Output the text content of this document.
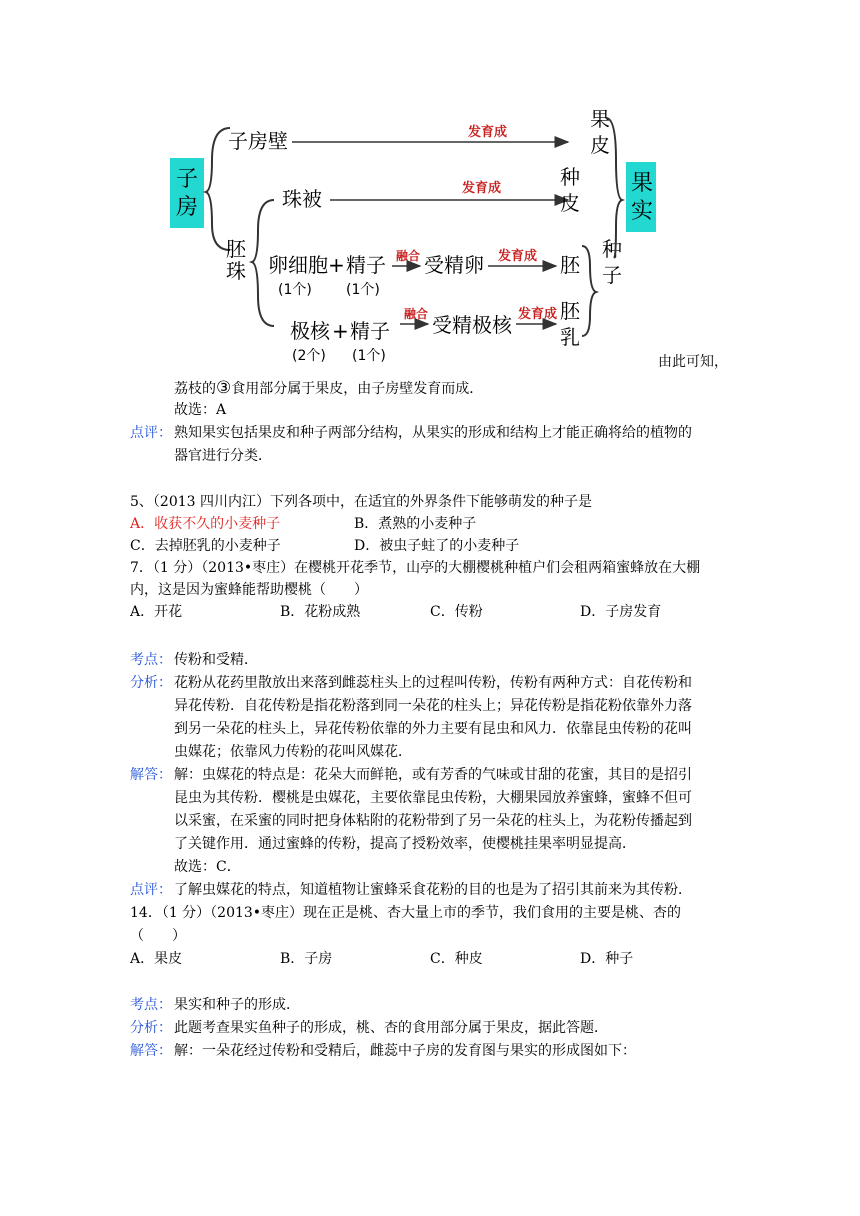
子
房
子房壁	发育成
果
皮
胚
珠
珠被	发育成	种
皮
卵细胞 + 精子
(1个) (1个)
融合 受精卵 发育成 胚
极核 + 精子
(2个) (1个)
融合 受精极核 发育成 胚
乳
种
子
果
实
由此可知，
荔枝的③食用部分属于果皮，由子房壁发育而成．
故选：A
点评： 熟知果实包括果皮和种子两部分结构，从果实的形成和结构上才能正确将给的植物的
器官进行分类．
5、（2013 四川内江）下列各项中，在适宜的外界条件下能够萌发的种子是
A．收获不久的小麦种子	B．煮熟的小麦种子
C．去掉胚乳的小麦种子	D．被虫子蛀了的小麦种子
7．（1 分）（2013•枣庄）在樱桃开花季节，山亭的大棚樱桃种植户们会租两箱蜜蜂放在大棚
内，这是因为蜜蜂能帮助樱桃（　　）
A．开花	B．花粉成熟	C．传粉	D．子房发育
考点： 传粉和受精．
分析： 花粉从花药里散放出来落到雌蕊柱头上的过程叫传粉，传粉有两种方式：自花传粉和
异花传粉．自花传粉是指花粉落到同一朵花的柱头上；异花传粉是指花粉依靠外力落
到另一朵花的柱头上，异花传粉依靠的外力主要有昆虫和风力．依靠昆虫传粉的花叫
虫媒花；依靠风力传粉的花叫风媒花．
解答： 解：虫媒花的特点是：花朵大而鲜艳，或有芳香的气味或甘甜的花蜜，其目的是招引
昆虫为其传粉．樱桃是虫媒花，主要依靠昆虫传粉，大棚果园放养蜜蜂，蜜蜂不但可
以采蜜，在采蜜的同时把身体粘附的花粉带到了另一朵花的柱头上，为花粉传播起到
了关键作用．通过蜜蜂的传粉，提高了授粉效率，使樱桃挂果率明显提高．
故选：C．
点评： 了解虫媒花的特点，知道植物让蜜蜂采食花粉的目的也是为了招引其前来为其传粉．
14．（1 分）（2013•枣庄）现在正是桃、杏大量上市的季节，我们食用的主要是桃、杏的
（　　）
A．果皮	B．子房	C．种皮	D．种子
考点： 果实和种子的形成．
分析： 此题考查果实鱼种子的形成，桃、杏的食用部分属于果皮，据此答题．
解答： 解：一朵花经过传粉和受精后，雌蕊中子房的发育图与果实的形成图如下：
